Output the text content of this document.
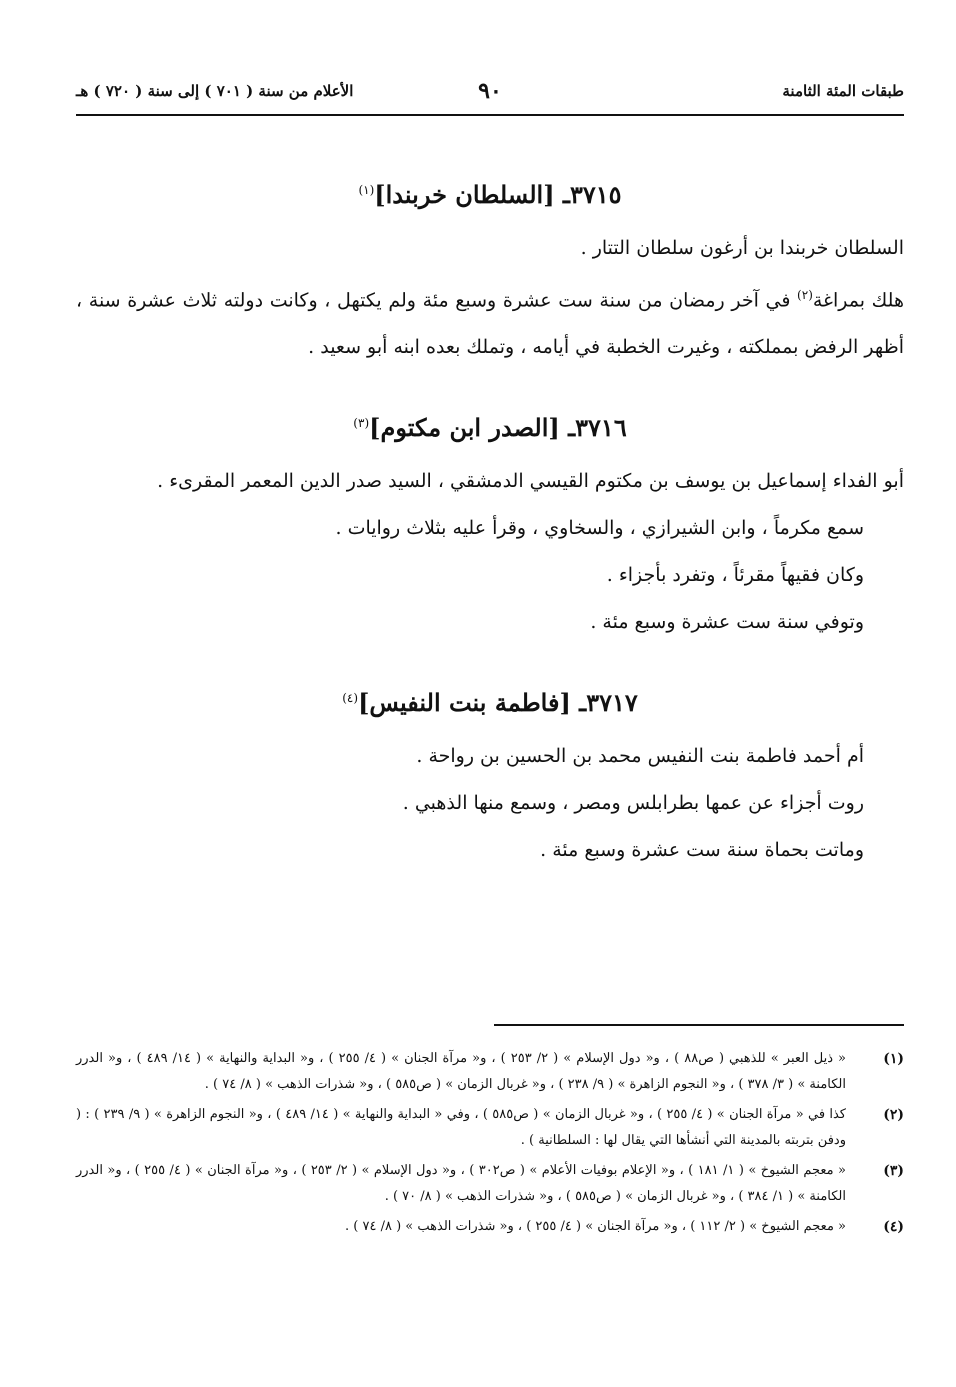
طبقات المئة الثامنة
٩٠
الأعلام من سنة ( ٧٠١ ) إلى سنة ( ٧٢٠ ) هـ
٣٧١٥ـ [السلطان خربندا]$^{(١)}$

السلطان خربندا بن أرغون سلطان التتار .

هلك بمراغة$^{(٢)}$ في آخر رمضان من سنة ست عشرة وسبع مئة ولم يكتهل ، وكانت دولته ثلاث عشرة سنة ، أظهر الرفض بمملكته ، وغيرت الخطبة في أيامه ، وتملك بعده ابنه أبو سعيد .

٣٧١٦ـ [الصدر ابن مكتوم]$^{(٣)}$

أبو الفداء إسماعيل بن يوسف بن مكتوم القيسي الدمشقي ، السيد صدر الدين المعمر المقرىء .

سمع مكرماً ، وابن الشيرازي ، والسخاوي ، وقرأ عليه بثلاث روايات .

وكان فقيهاً مقرئاً ، وتفرد بأجزاء .

وتوفي سنة ست عشرة وسبع مئة .

٣٧١٧ـ [فاطمة بنت النفيس]$^{(٤)}$

أم أحمد فاطمة بنت النفيس محمد بن الحسين بن رواحة .

روت أجزاء عن عمها بطرابلس ومصر ، وسمع منها الذهبي .

وماتت بحماة سنة ست عشرة وسبع مئة .

(١)
« ذيل العبر » للذهبي ( ص٨٨ ) ، و« دول الإسلام » ( ٢/ ٢٥٣ ) ، و« مرآة الجنان » ( ٤/ ٢٥٥ ) ، و« البداية والنهاية » ( ١٤/ ٤٨٩ ) ، و« الدرر الكامنة » ( ٣/ ٣٧٨ ) ، و« النجوم الزاهرة » ( ٩/ ٢٣٨ ) ، و« غربال الزمان » ( ص٥٨٥ ) ، و« شذرات الذهب » ( ٨/ ٧٤ ) .

(٢)
كذا في « مرآة الجنان » ( ٤/ ٢٥٥ ) ، و« غربال الزمان » ( ص٥٨٥ ) ، وفي « البداية والنهاية » ( ١٤/ ٤٨٩ ) ، و« النجوم الزاهرة » ( ٩/ ٢٣٩ ) : ( ودفن بتربته بالمدينة التي أنشأها التي يقال لها : السلطانية ) .

(٣)
« معجم الشيوخ » ( ١/ ١٨١ ) ، و« الإعلام بوفيات الأعلام » ( ص٣٠٢ ) ، و« دول الإسلام » ( ٢/ ٢٥٣ ) ، و« مرآة الجنان » ( ٤/ ٢٥٥ ) ، و« الدرر الكامنة » ( ١/ ٣٨٤ ) ، و« غربال الزمان » ( ص٥٨٥ ) ، و« شذرات الذهب » ( ٨/ ٧٠ ) .

(٤)
« معجم الشيوخ » ( ٢/ ١١٢ ) ، و« مرآة الجنان » ( ٤/ ٢٥٥ ) ، و« شذرات الذهب » ( ٨/ ٧٤ ) .
